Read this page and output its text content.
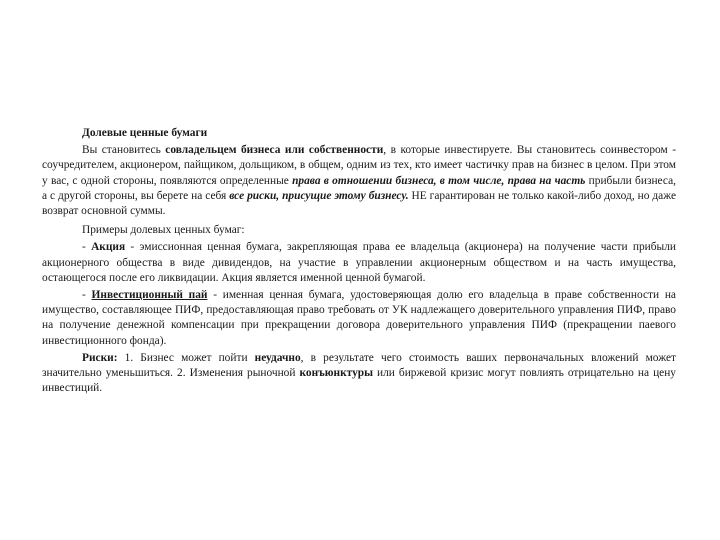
Долевые ценные бумаги

Вы становитесь совладельцем бизнеса или собственности, в которые инвестируете. Вы становитесь соинвестором - соучредителем, акционером, пайщиком, дольщиком, в общем, одним из тех, кто имеет частичку прав на бизнес в целом. При этом у вас, с одной стороны, появляются определенные права в отношении бизнеса, в том числе, права на часть прибыли бизнеса, а с другой стороны, вы берете на себя все риски, присущие этому бизнесу. НЕ гарантирован не только какой-либо доход, но даже возврат основной суммы.

Примеры долевых ценных бумаг:

- Акция - эмиссионная ценная бумага, закрепляющая права ее владельца (акционера) на получение части прибыли акционерного общества в виде дивидендов, на участие в управлении акционерным обществом и на часть имущества, остающегося после его ликвидации. Акция является именной ценной бумагой.

- Инвестиционный пай - именная ценная бумага, удостоверяющая долю его владельца в праве собственности на имущество, составляющее ПИФ, предоставляющая право требовать от УК надлежащего доверительного управления ПИФ, право на получение денежной компенсации при прекращении договора доверительного управления ПИФ (прекращении паевого инвестиционного фонда).

Риски: 1. Бизнес может пойти неудачно, в результате чего стоимость ваших первоначальных вложений может значительно уменьшиться. 2. Изменения рыночной конъюнктуры или биржевой кризис могут повлиять отрицательно на цену инвестиций.
